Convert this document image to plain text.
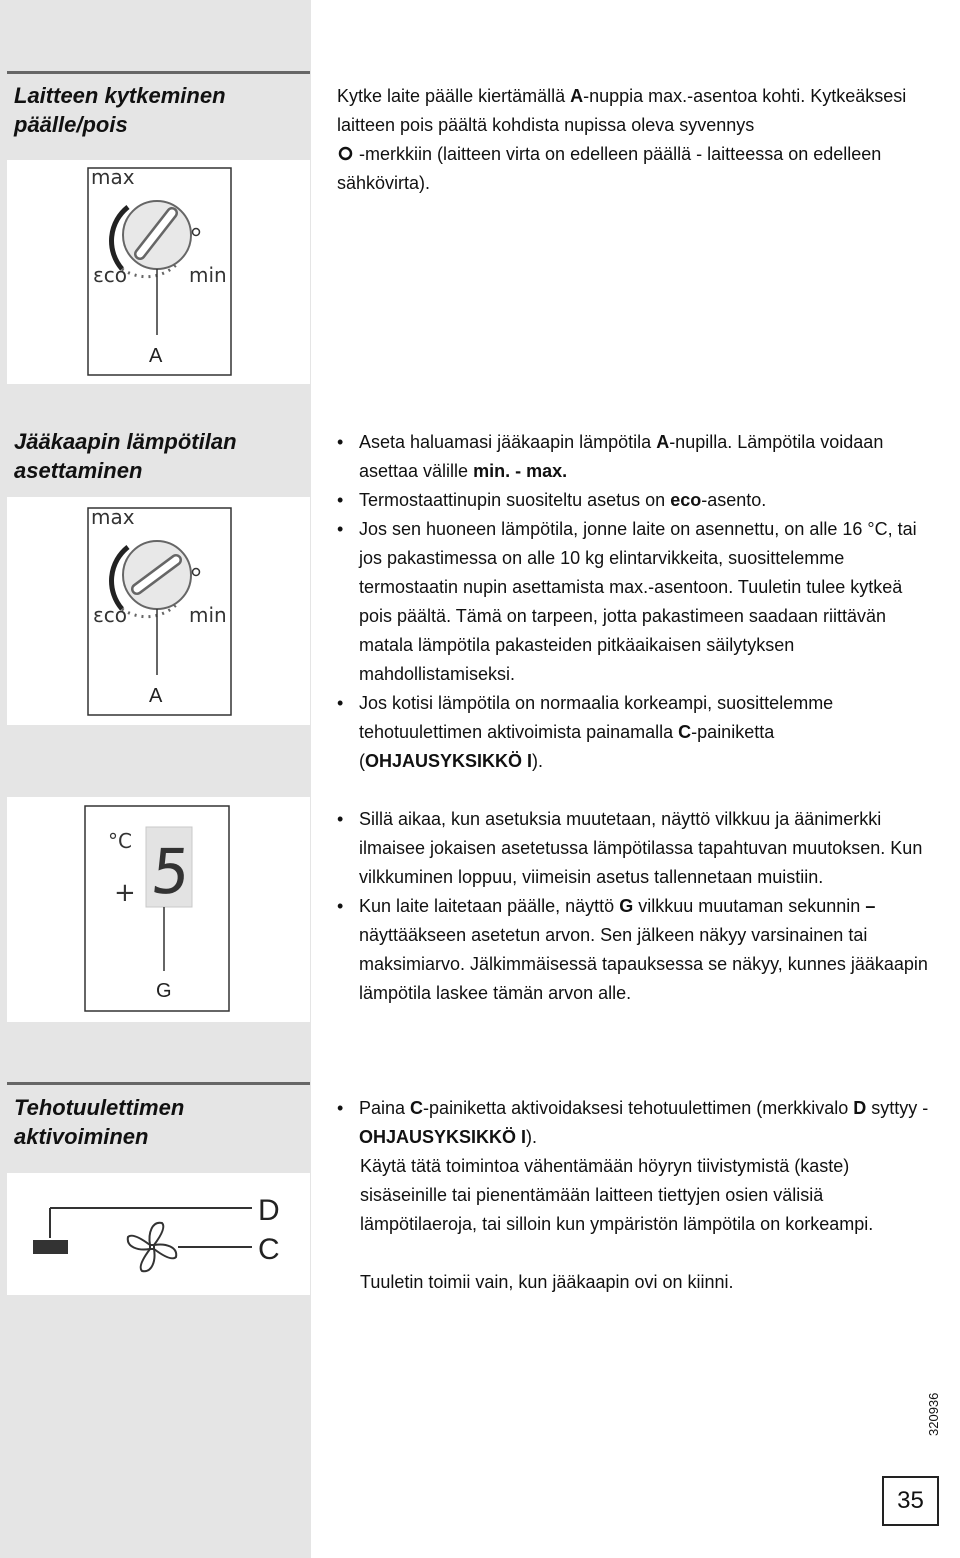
Laitteen kytkeminen
päälle/pois
max
ɛco	min
A

Kytke laite päälle kiertämällä A-nuppia max.-asentoa kohti. Kytkeäksesi laitteen pois päältä kohdista nupissa oleva syvennys
-merkkiin (laitteen virta on edelleen päällä - laitteessa on edelleen sähkövirta).

Jääkaapin lämpötilan
asettaminen
max
ɛco	min
A
5
°C
+
G
• Aseta haluamasi jääkaapin lämpötila A-nupilla. Lämpötila voidaan asettaa välille min. - max.
• Termostaattinupin suositeltu asetus on eco-asento.
• Jos sen huoneen lämpötila, jonne laite on asennettu, on alle 16 °C, tai jos pakastimessa on alle 10 kg elintarvikkeita, suosittelemme termostaatin nupin asettamista max.-asentoon. Tuuletin tulee kytkeä pois päältä. Tämä on tarpeen, jotta pakastimeen saadaan riittävän matala lämpötila pakasteiden pitkäaikaisen säilytyksen mahdollistamiseksi.
• Jos kotisi lämpötila on normaalia korkeampi, suosittelemme tehotuulettimen aktivoimista painamalla C-painiketta (OHJAUSYKSIKKÖ I).
• Sillä aikaa, kun asetuksia muutetaan, näyttö vilkkuu ja äänimerkki ilmaisee jokaisen asetetussa lämpötilassa tapahtuvan muutoksen. Kun vilkkuminen loppuu, viimeisin asetus tallennetaan muistiin.
• Kun laite laitetaan päälle, näyttö G vilkkuu muutaman sekunnin – näyttääkseen asetetun arvon. Sen jälkeen näkyy varsinainen tai maksimiarvo. Jälkimmäisessä tapauksessa se näkyy, kunnes jääkaapin lämpötila laskee tämän arvon alle.
Tehotuulettimen
aktivoiminen
D
C
• Paina C-painiketta aktivoidaksesi tehotuulettimen (merkkivalo D syttyy - OHJAUSYKSIKKÖ I).

Käytä tätä toimintoa vähentämään höyryn tiivistymistä (kaste) sisäseinille tai pienentämään laitteen tiettyjen osien välisiä lämpötilaeroja, tai silloin kun ympäristön lämpötila on korkeampi.

Tuuletin toimii vain, kun jääkaapin ovi on kiinni.

320936
35
